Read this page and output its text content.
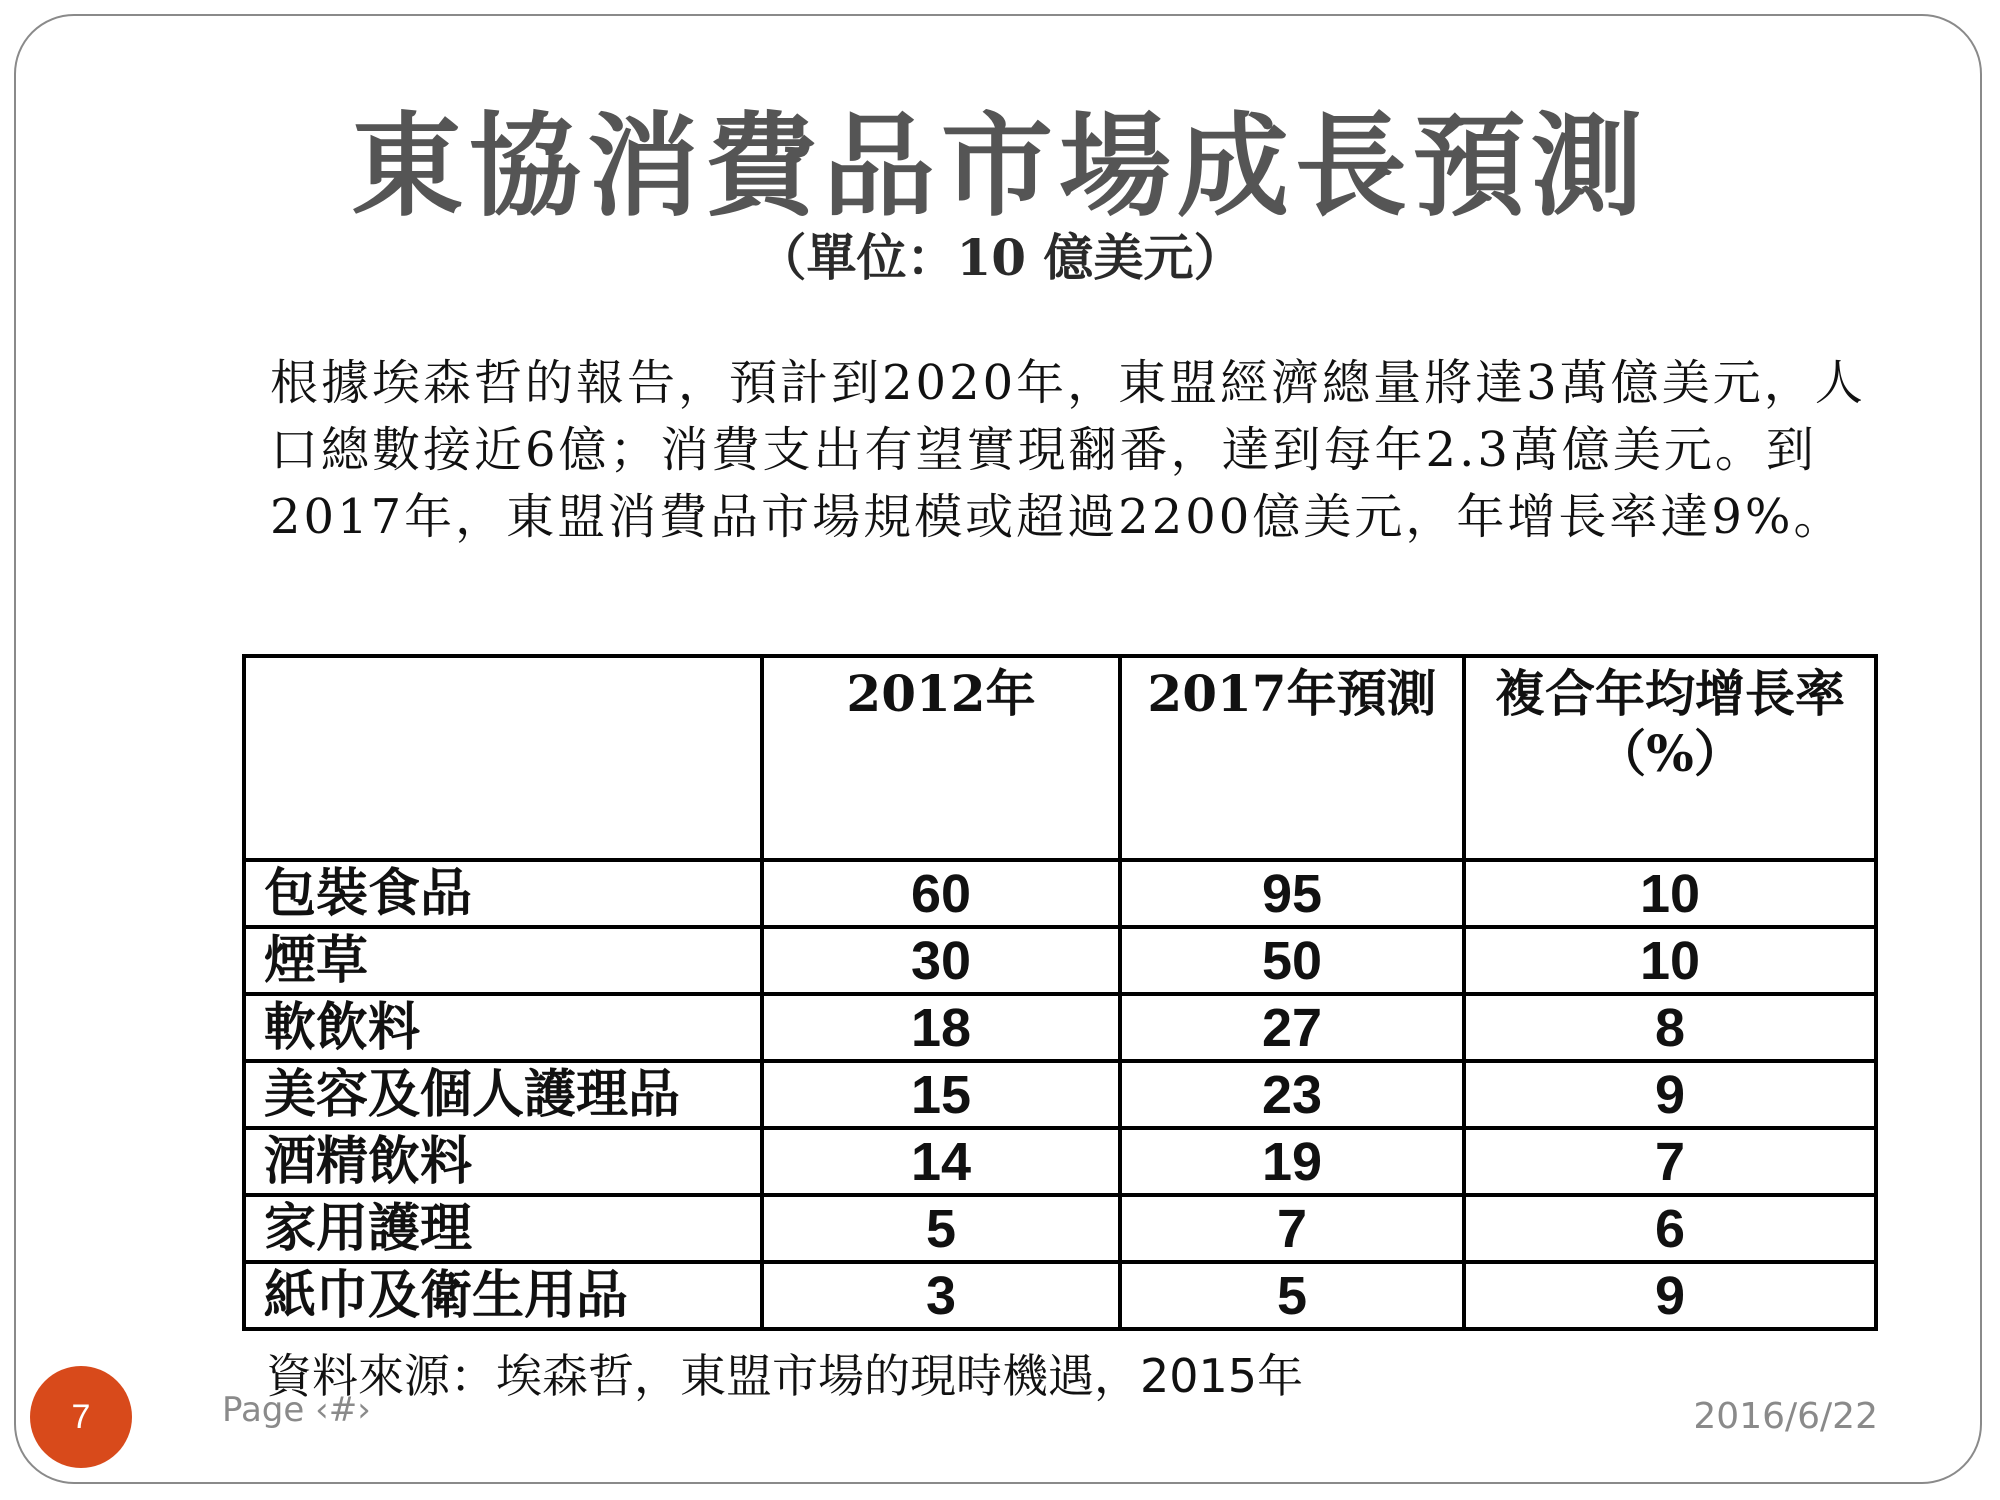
東協消費品市場成長預測
（單位：10 億美元）

根據埃森哲的報告，預計到2020年，東盟經濟總量將達3萬億美元，人口總數接近6億；消費支出有望實現翻番，達到每年2.3萬億美元。到2017年，東盟消費品市場規模或超過2200億美元，年增長率達9%。

	2012年	2017年預測	複合年均增長率（%）
包裝食品	60	95	10
煙草	30	50	10
軟飲料	18	27	8
美容及個人護理品	15	23	9
酒精飲料	14	19	7
家用護理	5	7	6
紙巾及衛生用品	3	5	9
資料來源：埃森哲，東盟市場的現時機遇，2015年
7	Page ‹#›	2016/6/22
